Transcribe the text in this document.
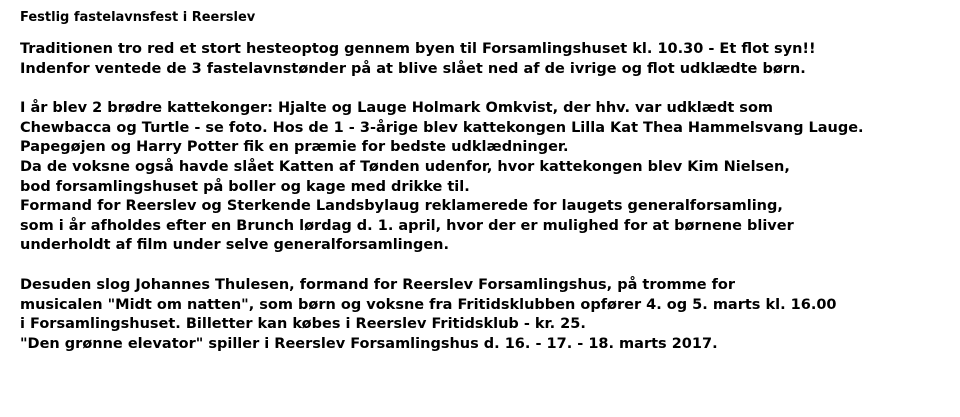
Festlig fastelavnsfest i Reerslev
Traditionen tro red et stort hesteoptog gennem byen til Forsamlingshuset kl. 10.30 - Et flot syn!!
Indenfor ventede de 3 fastelavnstønder på at blive slået ned af de ivrige og flot udklædte børn.
I år blev 2 brødre kattekonger: Hjalte og Lauge Holmark Omkvist, der hhv. var udklædt som
Chewbacca og Turtle - se foto. Hos de 1 - 3-årige blev kattekongen Lilla Kat Thea Hammelsvang Lauge.
Papegøjen og Harry Potter fik en præmie for bedste udklædninger.
Da de voksne også havde slået Katten af Tønden udenfor, hvor kattekongen blev Kim Nielsen,
bod forsamlingshuset på boller og kage med drikke til.
Formand for Reerslev og Sterkende Landsbylaug reklamerede for laugets generalforsamling,
som i år afholdes efter en Brunch lørdag d. 1. april, hvor der er mulighed for at børnene bliver
underholdt af film under selve generalforsamlingen.
Desuden slog Johannes Thulesen, formand for Reerslev Forsamlingshus, på tromme for
musicalen "Midt om natten", som børn og voksne fra Fritidsklubben opfører 4. og 5. marts kl. 16.00
i Forsamlingshuset. Billetter kan købes i Reerslev Fritidsklub - kr. 25.
"Den grønne elevator" spiller i Reerslev Forsamlingshus d. 16. - 17. - 18. marts 2017.
